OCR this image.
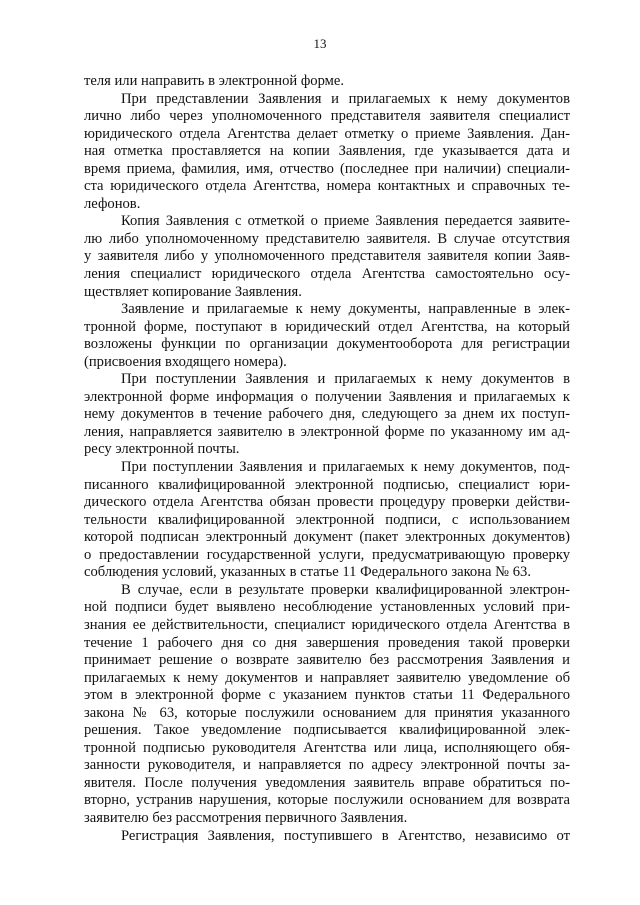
13
теля или направить в электронной форме.
При представлении Заявления и прилагаемых к нему документов
лично либо через уполномоченного представителя заявителя специалист
юридического отдела Агентства делает отметку о приеме Заявления. Дан-
ная отметка проставляется на копии Заявления, где указывается дата и
время приема, фамилия, имя, отчество (последнее при наличии) специали-
ста юридического отдела Агентства, номера контактных и справочных те-
лефонов.
Копия Заявления с отметкой о приеме Заявления передается заявите-
лю либо уполномоченному представителю заявителя. В случае отсутствия
у заявителя либо у уполномоченного представителя заявителя копии Заяв-
ления специалист юридического отдела Агентства самостоятельно осу-
ществляет копирование Заявления.
Заявление и прилагаемые к нему документы, направленные в элек-
тронной форме, поступают в юридический отдел Агентства, на который
возложены функции по организации документооборота для регистрации
(присвоения входящего номера).
При поступлении Заявления и прилагаемых к нему документов в
электронной форме информация о получении Заявления и прилагаемых к
нему документов в течение рабочего дня, следующего за днем их поступ-
ления, направляется заявителю в электронной форме по указанному им ад-
ресу электронной почты.
При поступлении Заявления и прилагаемых к нему документов, под-
писанного квалифицированной электронной подписью, специалист юри-
дического отдела Агентства обязан провести процедуру проверки действи-
тельности квалифицированной электронной подписи, с использованием
которой подписан электронный документ (пакет электронных документов)
о предоставлении государственной услуги, предусматривающую проверку
соблюдения условий, указанных в статье 11 Федерального закона № 63.
В случае, если в результате проверки квалифицированной электрон-
ной подписи будет выявлено несоблюдение установленных условий при-
знания ее действительности, специалист юридического отдела Агентства в
течение 1 рабочего дня со дня завершения проведения такой проверки
принимает решение о возврате заявителю без рассмотрения Заявления и
прилагаемых к нему документов и направляет заявителю уведомление об
этом в электронной форме с указанием пунктов статьи 11 Федерального
закона № 63, которые послужили основанием для принятия указанного
решения. Такое уведомление подписывается квалифицированной элек-
тронной подписью руководителя Агентства или лица, исполняющего обя-
занности руководителя, и направляется по адресу электронной почты за-
явителя. После получения уведомления заявитель вправе обратиться по-
вторно, устранив нарушения, которые послужили основанием для возврата
заявителю без рассмотрения первичного Заявления.
Регистрация Заявления, поступившего в Агентство, независимо от
